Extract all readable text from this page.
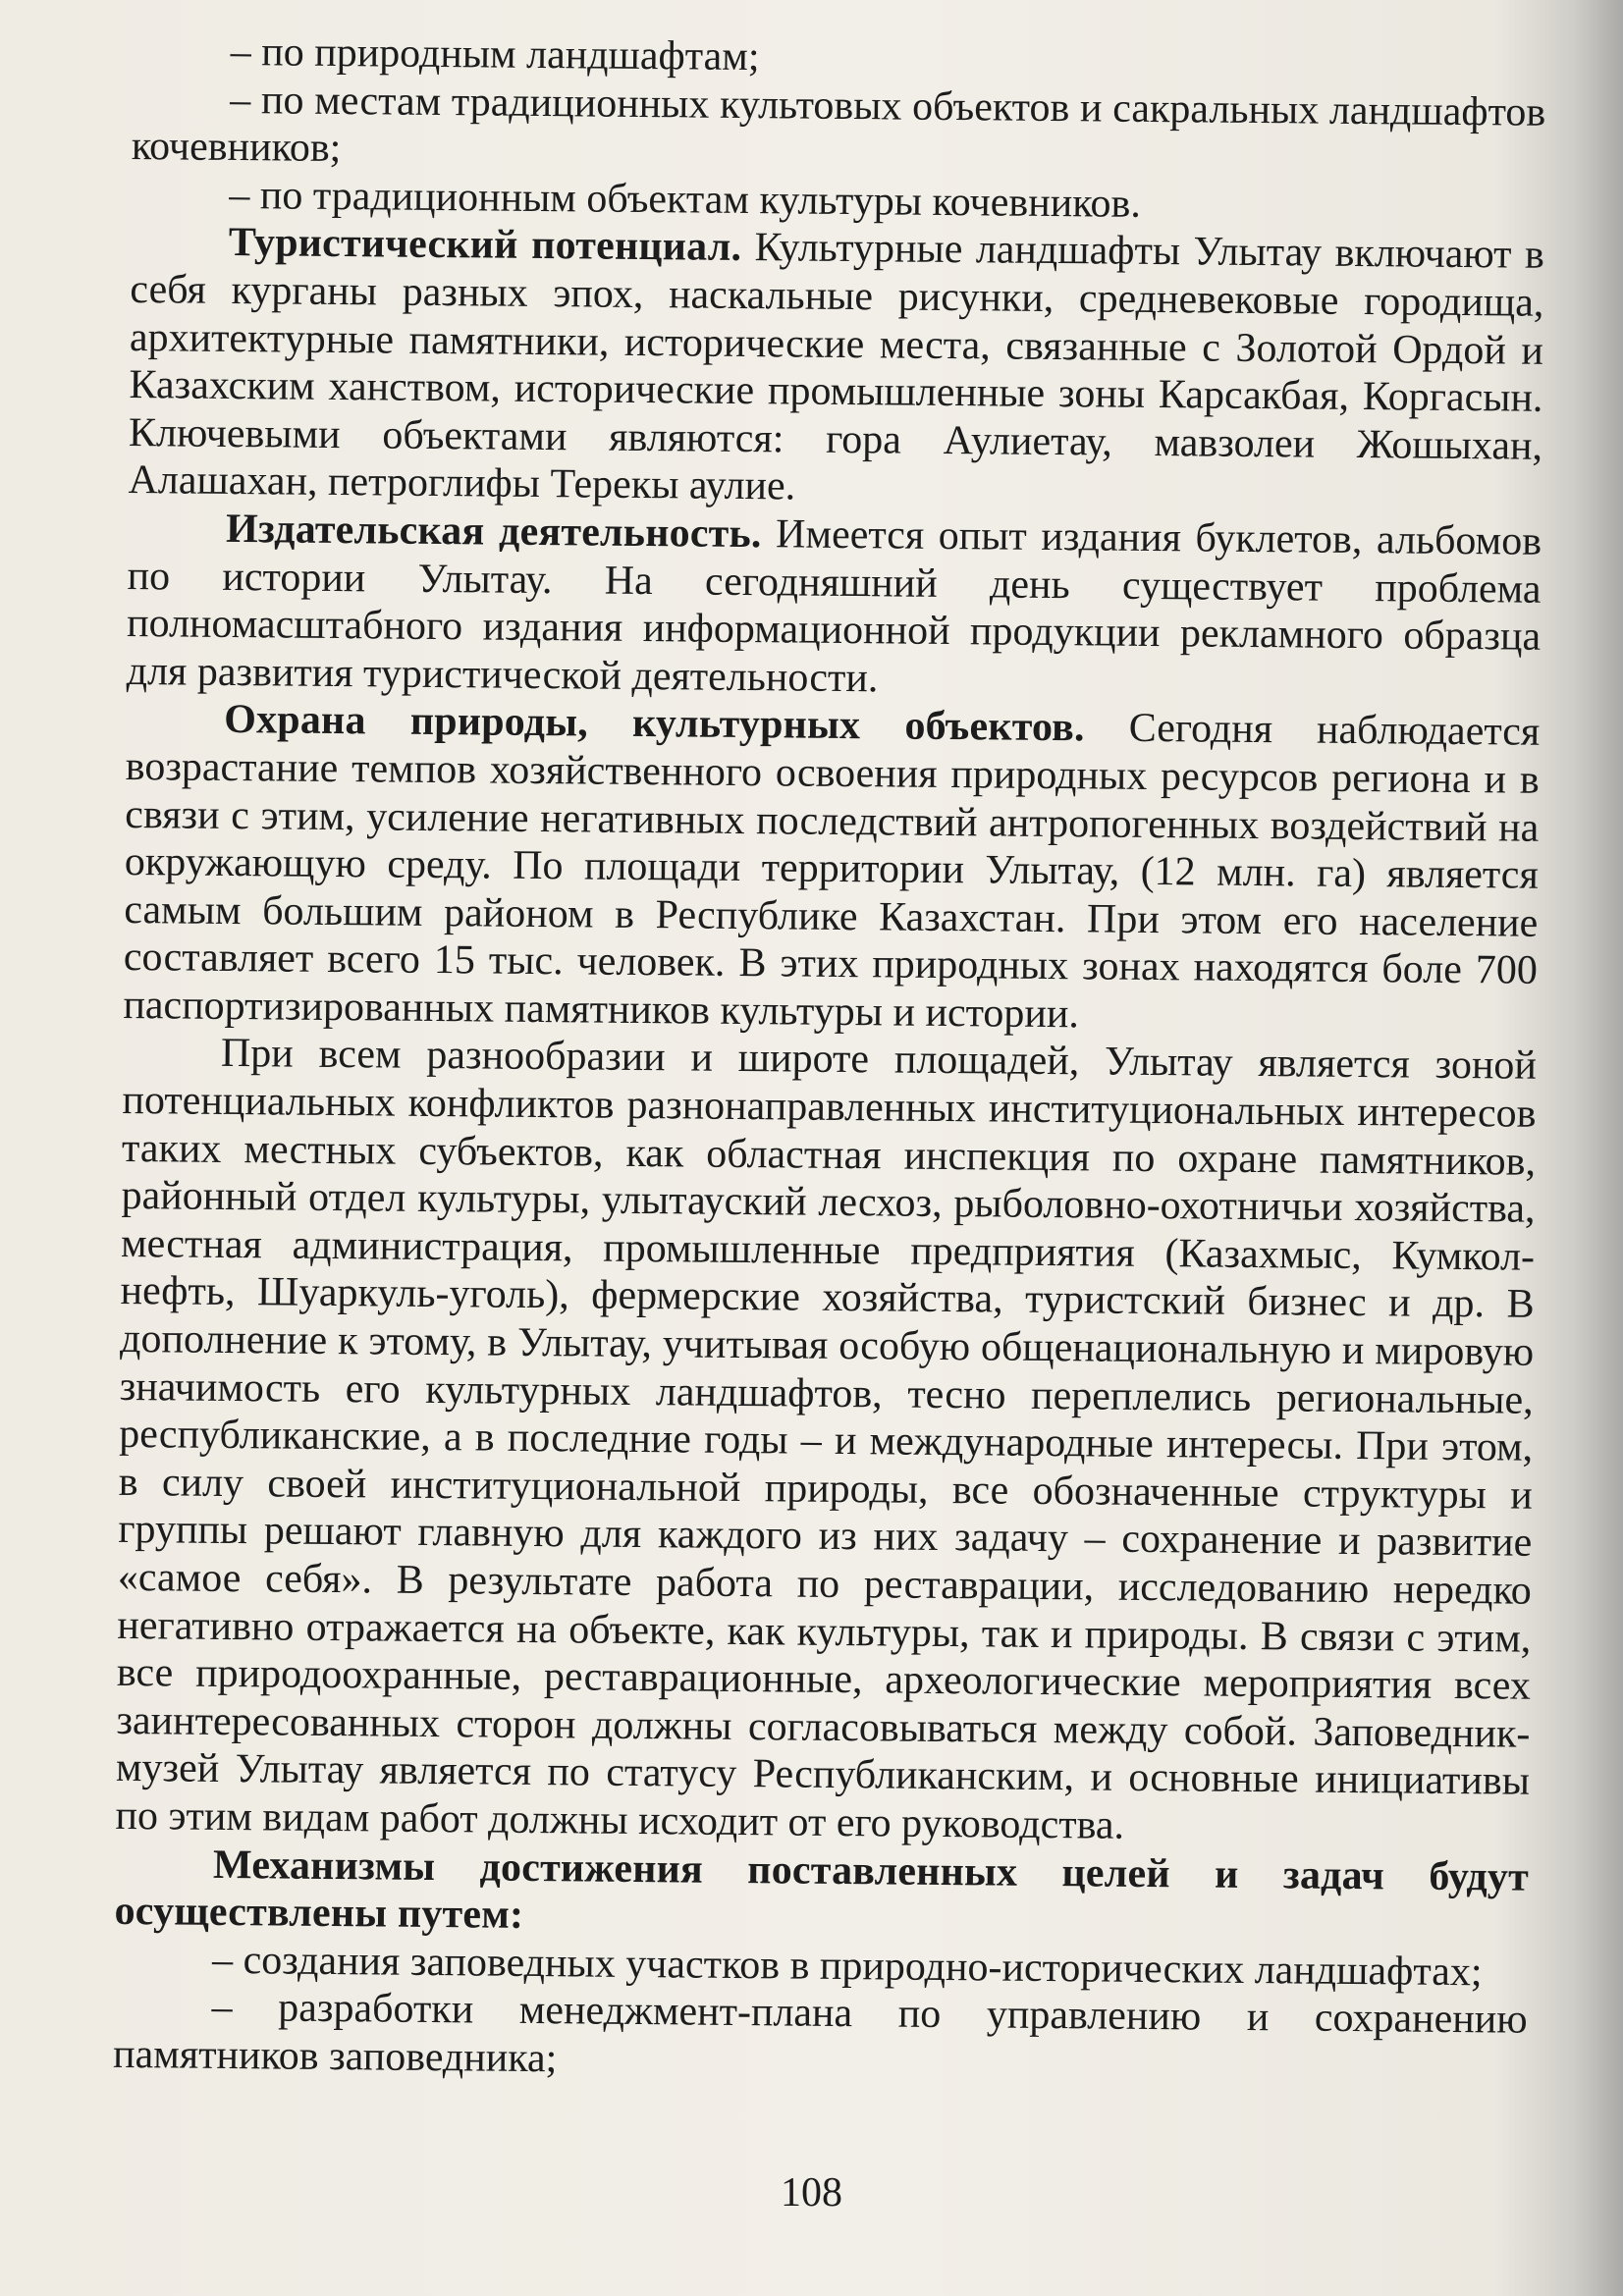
– по природным ландшафтам;

– по местам традиционных культовых объектов и сакральных ландшафтов кочевников;

– по традиционным объектам культуры кочевников.

Туристический потенциал. Культурные ландшафты Улытау включают в себя курганы разных эпох, наскальные рисунки, средневековые городища, архитектурные памятники, исторические места, связанные с Золотой Ордой и Казахским ханством, исторические промышленные зоны Карсакбая, Коргасын. Ключевыми объектами являются: гора Аулиетау, мавзолеи Жошыхан, Алашахан, петроглифы Терекы аулие.

Издательская деятельность. Имеется опыт издания буклетов, альбомов по истории Улытау. На сегодняшний день существует проблема полномасштабного издания информационной продукции рекламного образца для развития туристической деятельности.

Охрана природы, культурных объектов. Сегодня наблюдается возрастание темпов хозяйственного освоения природных ресурсов региона и в связи с этим, усиление негативных последствий антропогенных воздействий на окружающую среду. По площади территории Улытау, (12 млн. га) является самым большим районом в Республике Казахстан. При этом его население составляет всего 15 тыс. человек. В этих природных зонах находятся боле 700 паспортизированных памятников культуры и истории.

При всем разнообразии и широте площадей, Улытау является зоной потенциальных конфликтов разнонаправленных институциональных интересов таких местных субъектов, как областная инспекция по охране памятников, районный отдел культуры, улытауский лесхоз, рыболовно-охотничьи хозяйства, местная администрация, промышленные предприятия (Казахмыс, Кумкол-нефть, Шуаркуль-уголь), фермерские хозяйства, туристский бизнес и др. В дополнение к этому, в Улытау, учитывая особую общенациональную и мировую значимость его культурных ландшафтов, тесно переплелись региональные, республиканские, а в последние годы – и международные интересы. При этом, в силу своей институциональной природы, все обозначенные структуры и группы решают главную для каждого из них задачу – сохранение и развитие «самое себя». В результате работа по реставрации, исследованию нередко негативно отражается на объекте, как культуры, так и природы. В связи с этим, все природоохранные, реставрационные, археологические мероприятия всех заинтересованных сторон должны согласовываться между собой. Заповедник-музей Улытау является по статусу Республиканским, и основные инициативы по этим видам работ должны исходит от его руководства.

Механизмы достижения поставленных целей и задач будут осуществлены путем:

– создания заповедных участков в природно-исторических ландшафтах;

– разработки менеджмент-плана по управлению и сохранению памятников заповедника;

108
